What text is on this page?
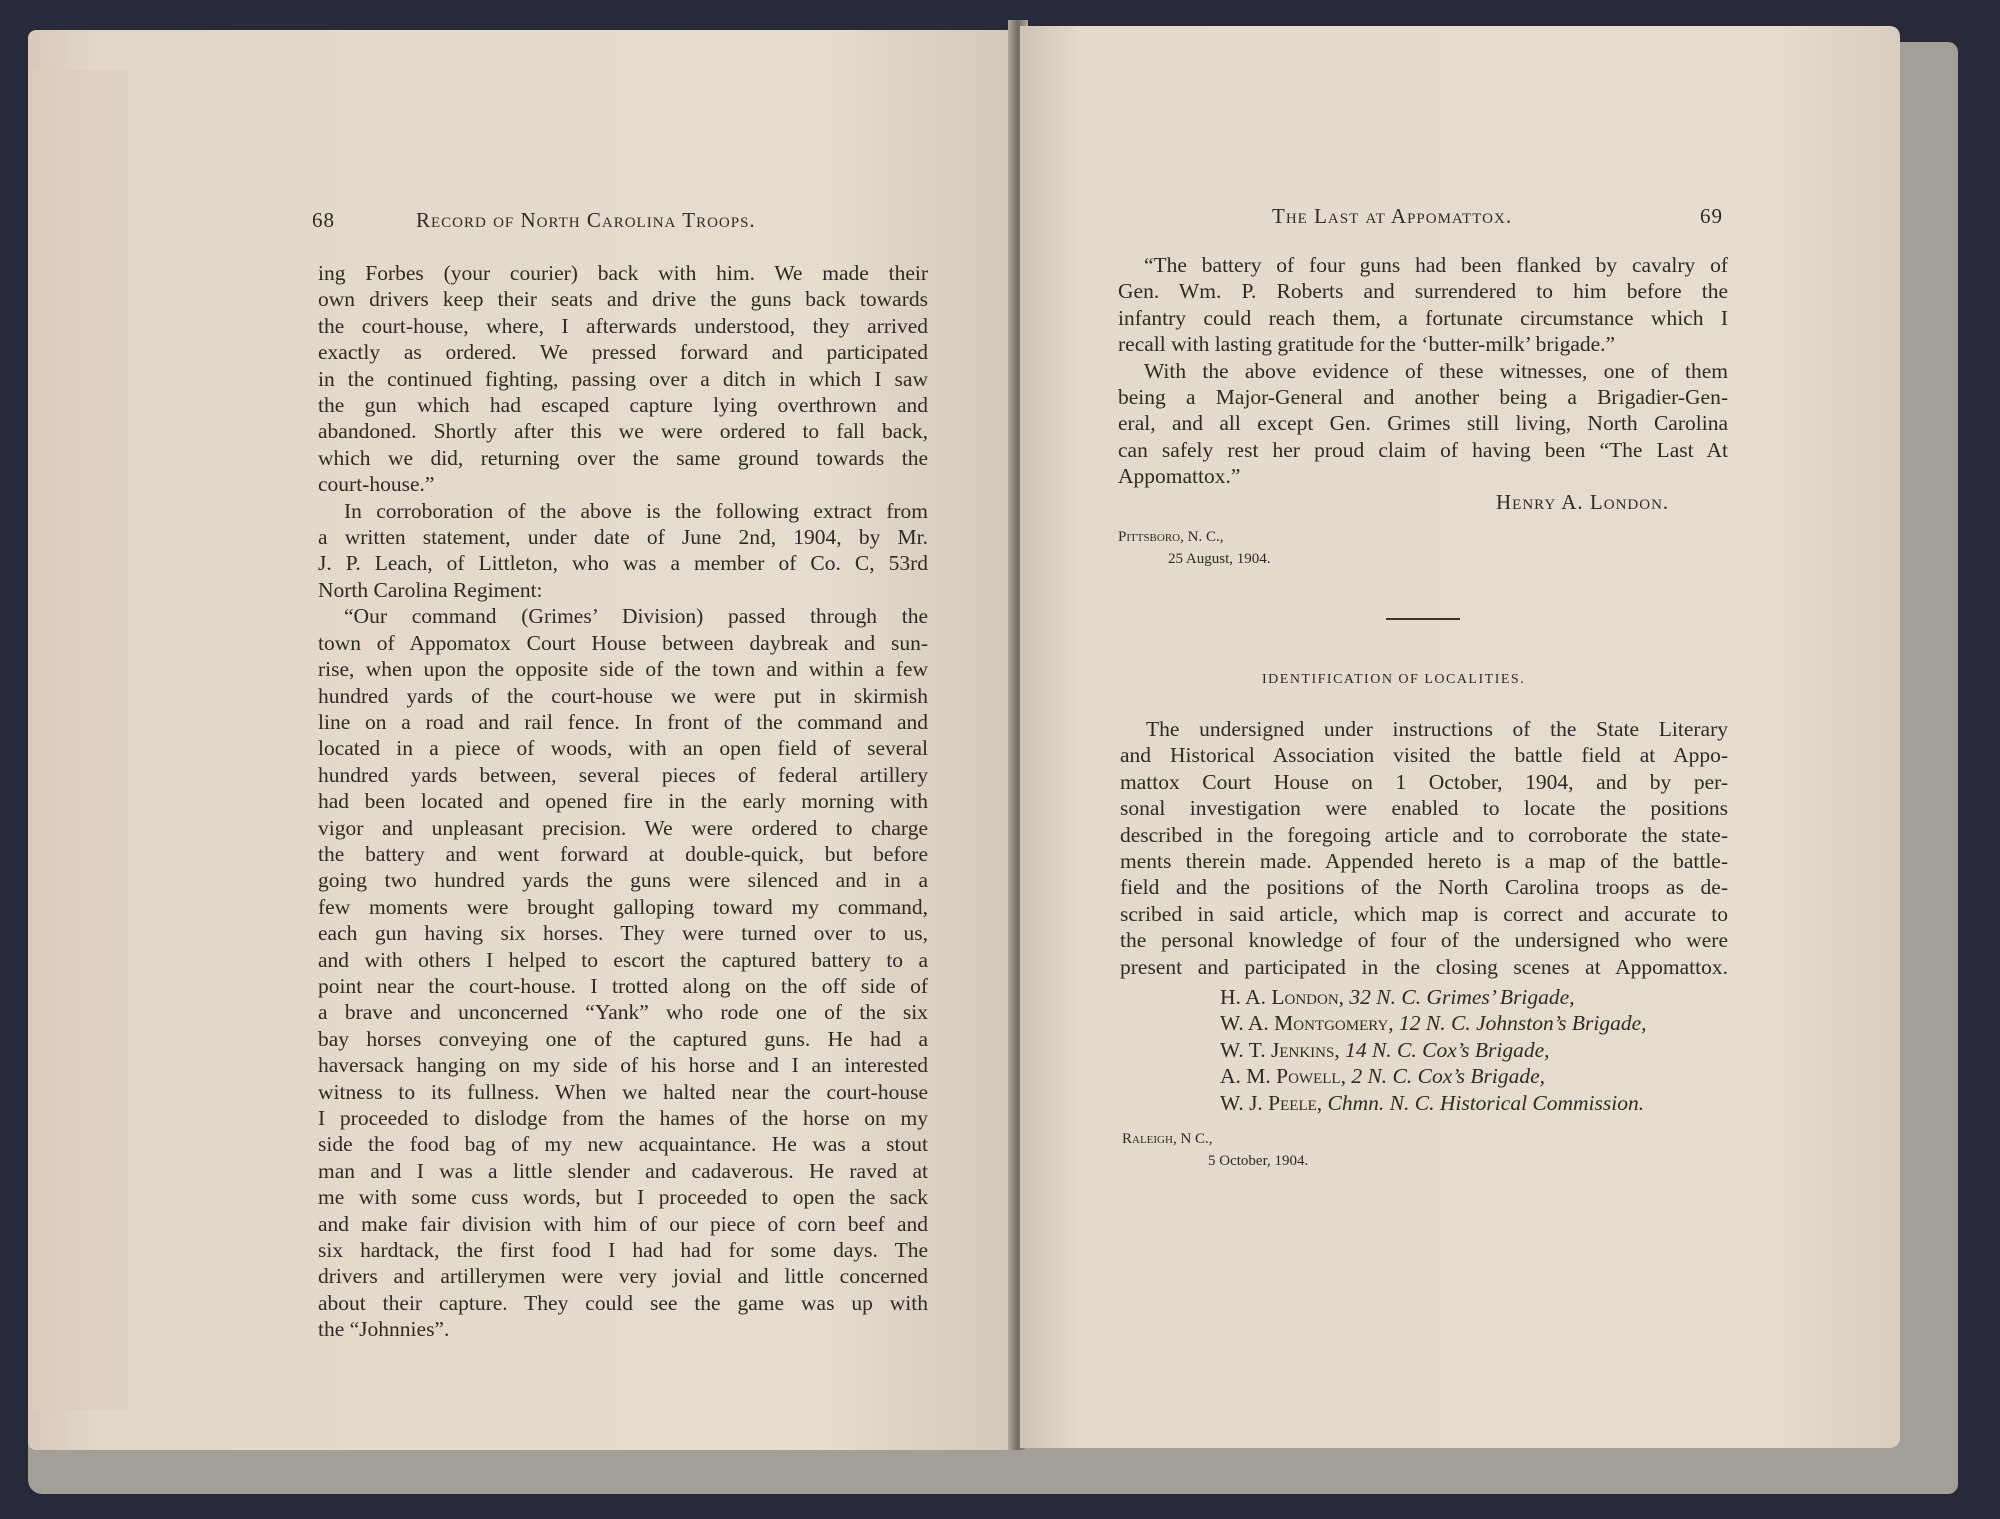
68	Record of North Carolina Troops.
ing Forbes (your courier) back with him. We made their
own drivers keep their seats and drive the guns back towards
the court-house, where, I afterwards understood, they arrived
exactly as ordered. We pressed forward and participated
in the continued fighting, passing over a ditch in which I saw
the gun which had escaped capture lying overthrown and
abandoned. Shortly after this we were ordered to fall back,
which we did, returning over the same ground towards the
court-house.”
In corroboration of the above is the following extract from
a written statement, under date of June 2nd, 1904, by Mr.
J. P. Leach, of Littleton, who was a member of Co. C, 53rd
North Carolina Regiment:
“Our command (Grimes’ Division) passed through the
town of Appomatox Court House between daybreak and sun-
rise, when upon the opposite side of the town and within a few
hundred yards of the court-house we were put in skirmish
line on a road and rail fence. In front of the command and
located in a piece of woods, with an open field of several
hundred yards between, several pieces of federal artillery
had been located and opened fire in the early morning with
vigor and unpleasant precision. We were ordered to charge
the battery and went forward at double-quick, but before
going two hundred yards the guns were silenced and in a
few moments were brought galloping toward my command,
each gun having six horses. They were turned over to us,
and with others I helped to escort the captured battery to a
point near the court-house. I trotted along on the off side of
a brave and unconcerned “Yank” who rode one of the six
bay horses conveying one of the captured guns. He had a
haversack hanging on my side of his horse and I an interested
witness to its fullness. When we halted near the court-house
I proceeded to dislodge from the hames of the horse on my
side the food bag of my new acquaintance. He was a stout
man and I was a little slender and cadaverous. He raved at
me with some cuss words, but I proceeded to open the sack
and make fair division with him of our piece of corn beef and
six hardtack, the first food I had had for some days. The
drivers and artillerymen were very jovial and little concerned
about their capture. They could see the game was up with
the “Johnnies”.
The Last at Appomattox.	69
“The battery of four guns had been flanked by cavalry of
Gen. Wm. P. Roberts and surrendered to him before the
infantry could reach them, a fortunate circumstance which I
recall with lasting gratitude for the ‘butter-milk’ brigade.”
With the above evidence of these witnesses, one of them
being a Major-General and another being a Brigadier-Gen-
eral, and all except Gen. Grimes still living, North Carolina
can safely rest her proud claim of having been “The Last At
Appomattox.”
Henry A. London.
Pittsboro, N. C.,
25 August, 1904.
IDENTIFICATION OF LOCALITIES.
The undersigned under instructions of the State Literary
and Historical Association visited the battle field at Appo-
mattox Court House on 1 October, 1904, and by per-
sonal investigation were enabled to locate the positions
described in the foregoing article and to corroborate the state-
ments therein made. Appended hereto is a map of the battle-
field and the positions of the North Carolina troops as de-
scribed in said article, which map is correct and accurate to
the personal knowledge of four of the undersigned who were
present and participated in the closing scenes at Appomattox.
H. A. London, 32 N. C. Grimes’ Brigade,
W. A. Montgomery, 12 N. C. Johnston’s Brigade,
W. T. Jenkins, 14 N. C. Cox’s Brigade,
A. M. Powell, 2 N. C. Cox’s Brigade,
W. J. Peele, Chmn. N. C. Historical Commission.
Raleigh, N C.,
5 October, 1904.
